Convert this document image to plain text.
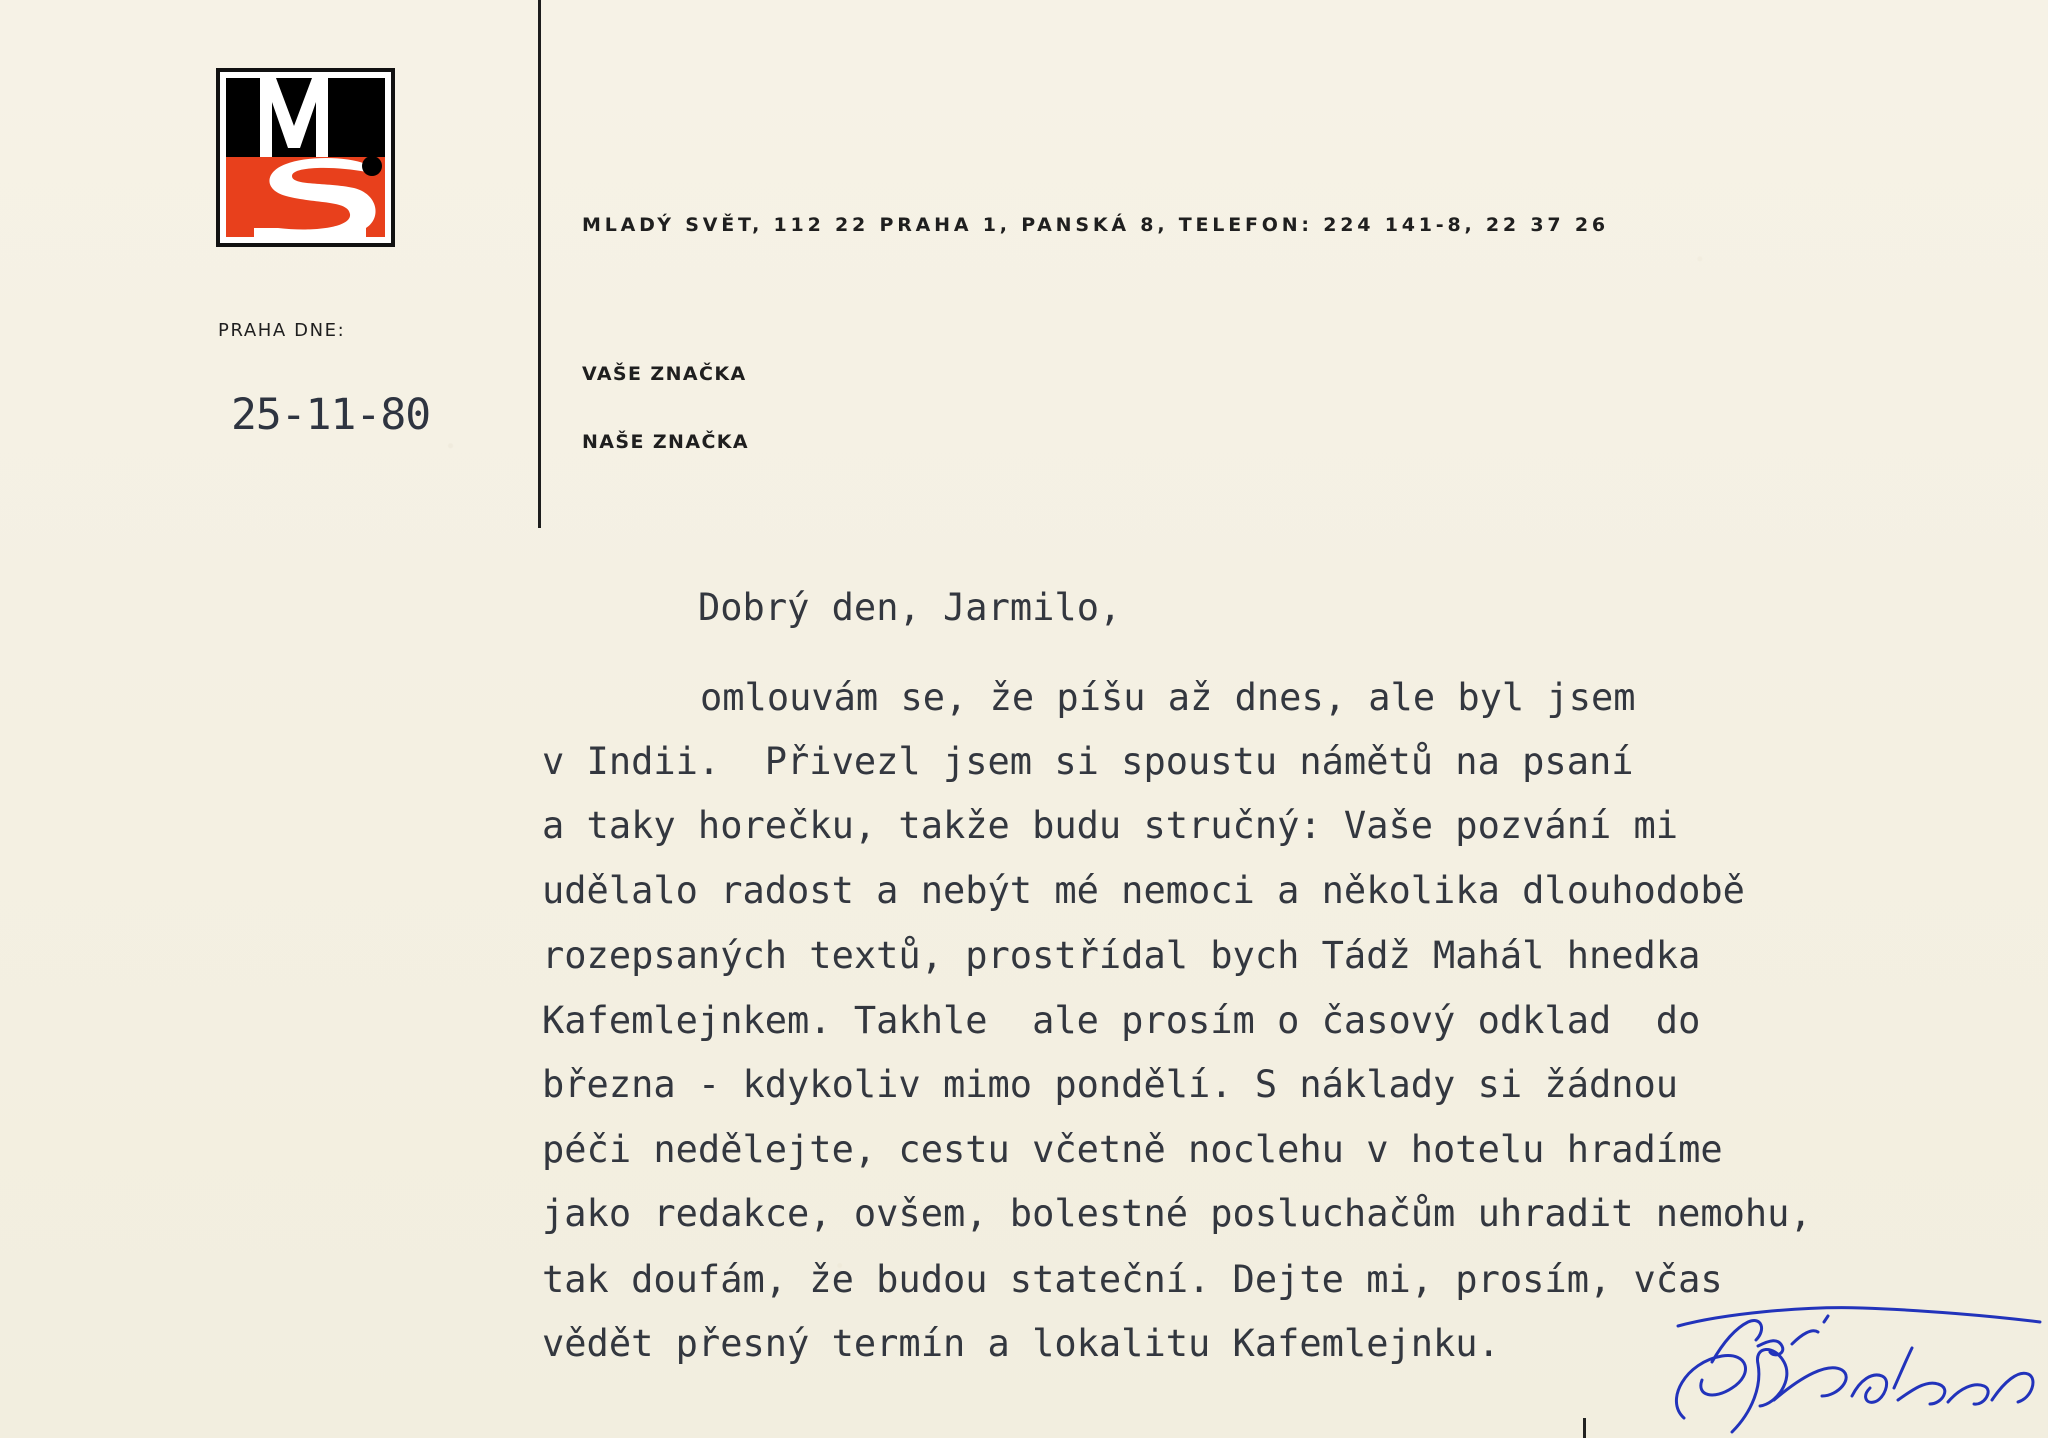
MLADÝ SVĚT, 112 22 PRAHA 1, PANSKÁ 8, TELEFON: 224 141-8, 22 37 26
PRAHA DNE:
25-11-80
VAŠE ZNAČKA
NAŠE ZNAČKA
Dobrý den, Jarmilo,
omlouvám se, že píšu až dnes, ale byl jsem
v Indii.  Přivezl jsem si spoustu námětů na psaní
a taky horečku, takže budu stručný: Vaše pozvání mi
udělalo radost a nebýt mé nemoci a několika dlouhodobě
rozepsaných textů, prostřídal bych Tádž Mahál hnedka
Kafemlejnkem. Takhle  ale prosím o časový odklad  do
března - kdykoliv mimo pondělí. S náklady si žádnou
péči nedělejte, cestu včetně noclehu v hotelu hradíme
jako redakce, ovšem, bolestné posluchačům uhradit nemohu,
tak doufám, že budou stateční. Dejte mi, prosím, včas
vědět přesný termín a lokalitu Kafemlejnku.
